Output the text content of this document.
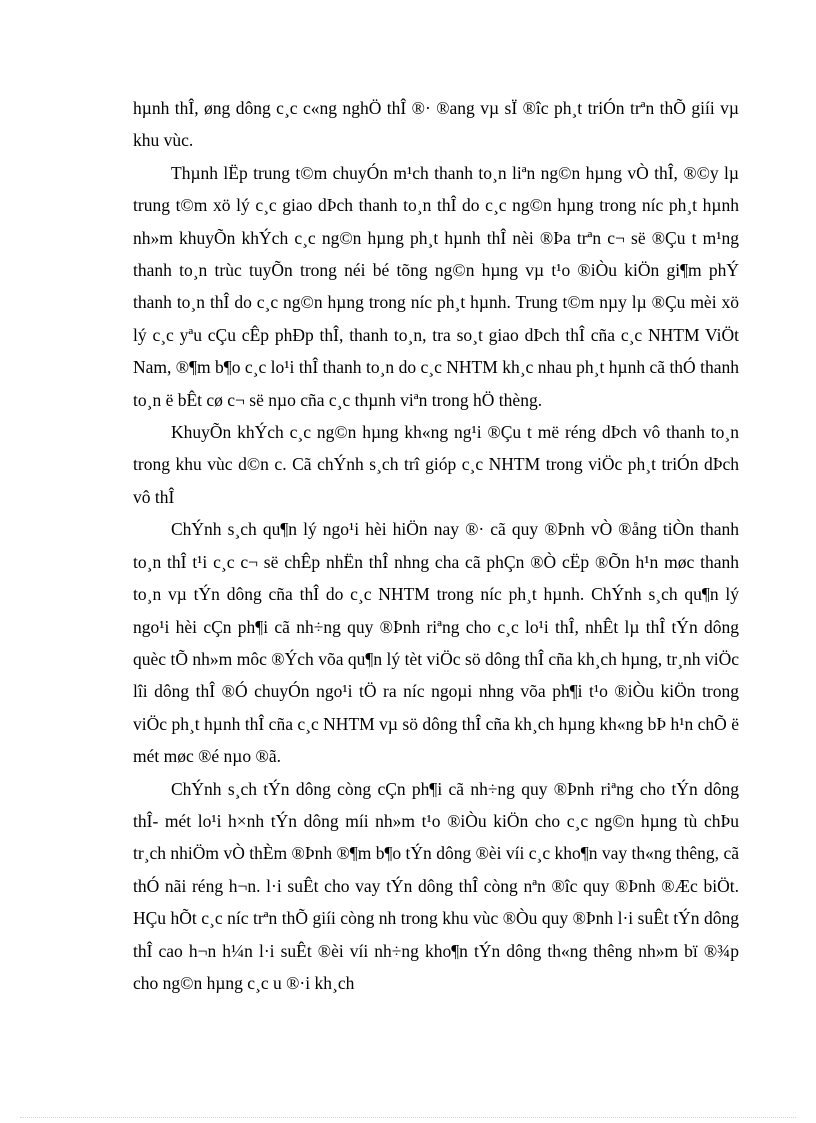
hµnh thÎ, øng dông c¸c c«ng nghÖ thÎ ®· ®ang vµ sÏ ®îc ph¸t triÓn trªn thÕ giíi vµ khu vùc.

Thµnh lËp trung t©m chuyÓn m¹ch thanh to¸n liªn ng©n hµng vÒ thÎ, ®©y lµ trung t©m xö lý c¸c giao dÞch thanh to¸n thÎ do c¸c ng©n hµng trong níc ph¸t hµnh nh»m khuyÕn khÝch c¸c ng©n hµng ph¸t hµnh thÎ nèi ®Þa trªn c¬ së ®Çu t m¹ng thanh to¸n trùc tuyÕn trong néi bé tõng ng©n hµng vµ t¹o ®iÒu kiÖn gi¶m phÝ thanh to¸n thÎ do c¸c ng©n hµng trong níc ph¸t hµnh. Trung t©m nµy lµ ®Çu mèi xö lý c¸c yªu cÇu cÊp phÐp thÎ, thanh to¸n, tra so¸t giao dÞch thÎ cña c¸c NHTM ViÖt Nam, ®¶m b¶o c¸c lo¹i thÎ thanh to¸n do c¸c NHTM kh¸c nhau ph¸t hµnh cã thÓ thanh to¸n ë bÊt cø c¬ së nµo cña c¸c thµnh viªn trong hÖ thèng.

KhuyÕn khÝch c¸c ng©n hµng kh«ng ng¹i ®Çu t më réng dÞch vô thanh to¸n trong khu vùc d©n c. Cã chÝnh s¸ch trî gióp c¸c NHTM trong viÖc ph¸t triÓn dÞch vô thÎ

ChÝnh s¸ch qu¶n lý ngo¹i hèi hiÖn nay ®· cã quy ®Þnh vÒ ®ång tiÒn thanh to¸n thÎ t¹i c¸c c¬ së chÊp nhËn thÎ nhng cha cã phÇn ®Ò cËp ®Õn h¹n møc thanh to¸n vµ tÝn dông cña thÎ do c¸c NHTM trong níc ph¸t hµnh. ChÝnh s¸ch qu¶n lý ngo¹i hèi cÇn ph¶i cã nh÷ng quy ®Þnh riªng cho c¸c lo¹i thÎ, nhÊt lµ thÎ tÝn dông quèc tÕ nh»m môc ®Ých võa qu¶n lý tèt viÖc sö dông thÎ cña kh¸ch hµng, tr¸nh viÖc lîi dông thÎ ®Ó chuyÓn ngo¹i tÖ ra níc ngoµi nhng võa ph¶i t¹o ®iÒu kiÖn trong viÖc ph¸t hµnh thÎ cña c¸c NHTM vµ sö dông thÎ cña kh¸ch hµng kh«ng bÞ h¹n chÕ ë mét møc ®é nµo ®ã.

ChÝnh s¸ch tÝn dông còng cÇn ph¶i cã nh÷ng quy ®Þnh riªng cho tÝn dông thÎ- mét lo¹i h×nh tÝn dông míi nh»m t¹o ®iÒu kiÖn cho c¸c ng©n hµng tù chÞu tr¸ch nhiÖm vÒ thÈm ®Þnh ®¶m b¶o tÝn dông ®èi víi c¸c kho¶n vay th«ng thêng, cã thÓ nãi réng h¬n. l·i suÊt cho vay tÝn dông thÎ còng nªn ®îc quy ®Þnh ®Æc biÖt. HÇu hÕt c¸c níc trªn thÕ giíi còng nh trong khu vùc ®Òu quy ®Þnh l·i suÊt tÝn dông thÎ cao h¬n h¼n l·i suÊt ®èi víi nh÷ng kho¶n tÝn dông th«ng thêng nh»m bï ®¾p cho ng©n hµng c¸c u ®·i kh¸ch
